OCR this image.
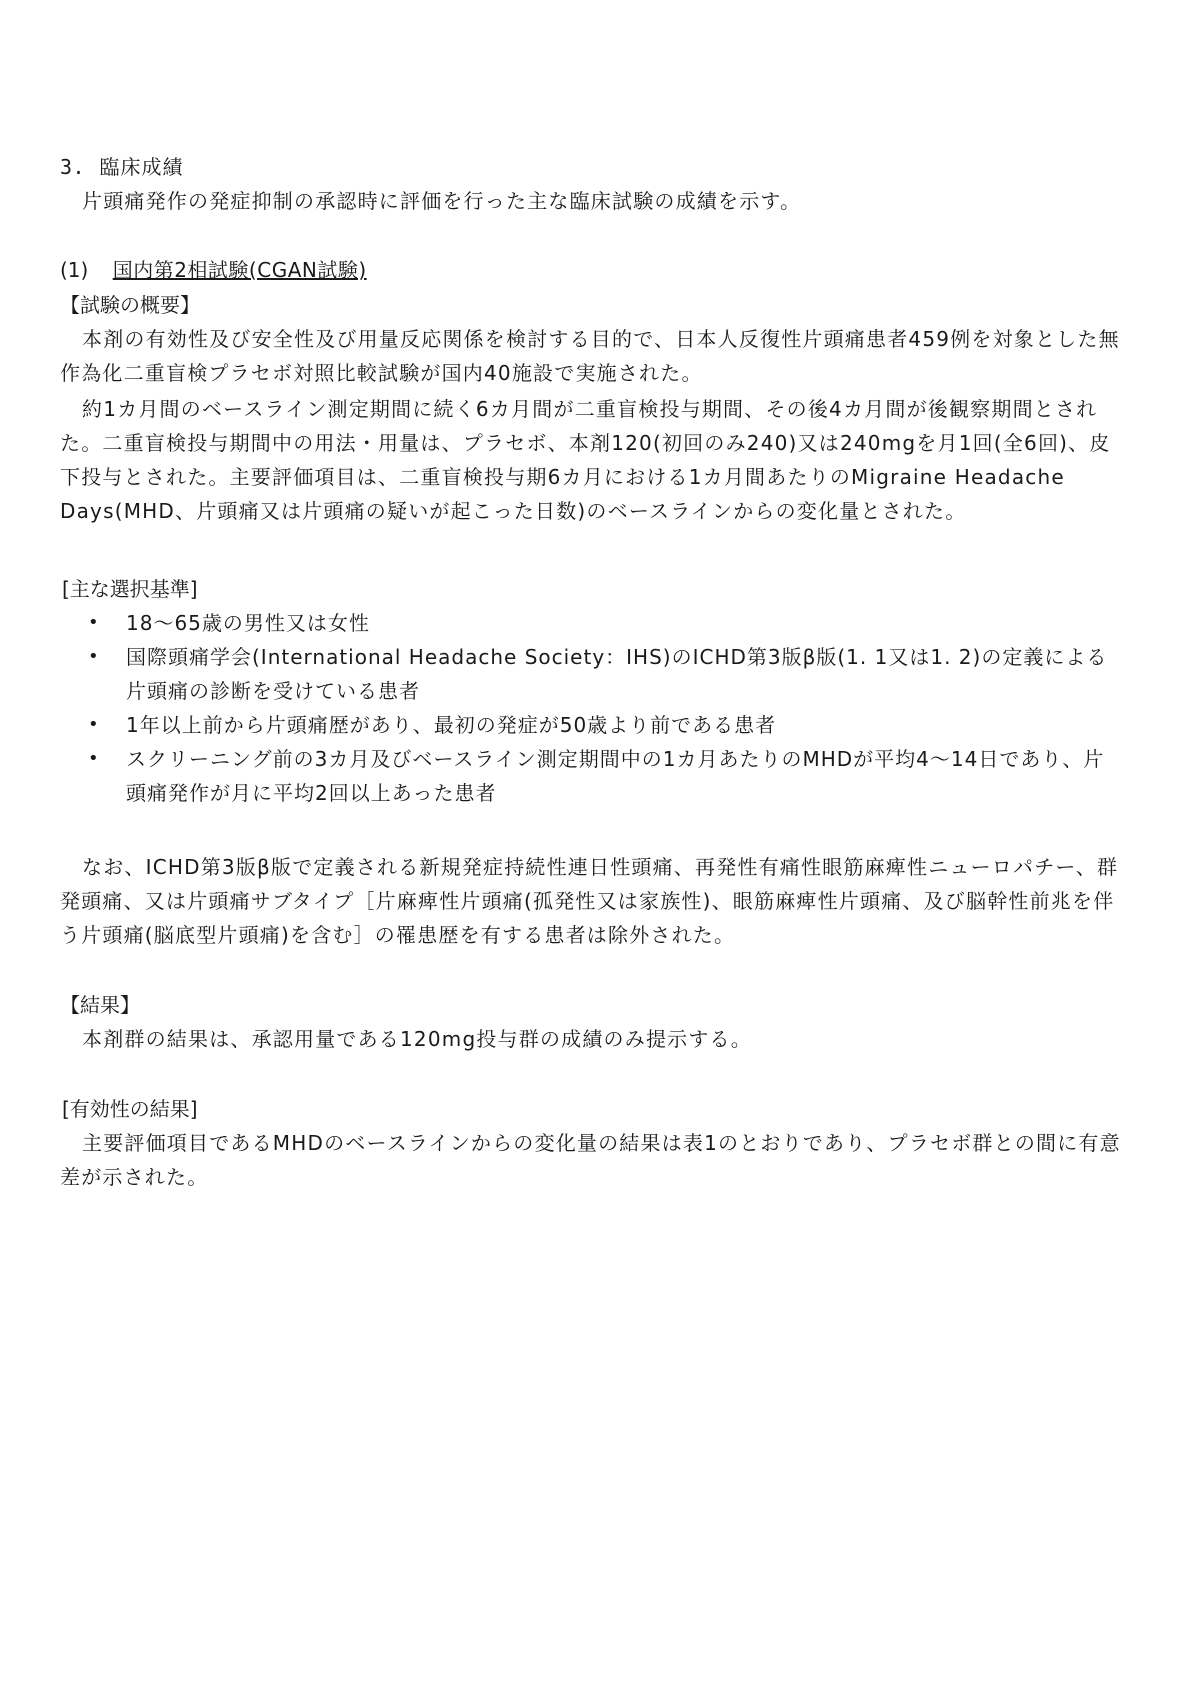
3. 臨床成績

片頭痛発作の発症抑制の承認時に評価を行った主な臨床試験の成績を示す。

(1) 国内第2相試験(CGAN試験)

【試験の概要】

本剤の有効性及び安全性及び用量反応関係を検討する目的で、日本人反復性片頭痛患者459例を対象とした無作為化二重盲検プラセボ対照比較試験が国内40施設で実施された。

約1カ月間のベースライン測定期間に続く6カ月間が二重盲検投与期間、その後4カ月間が後観察期間とされた。二重盲検投与期間中の用法・用量は、プラセボ、本剤120(初回のみ240)又は240mgを月1回(全6回)、皮下投与とされた。主要評価項目は、二重盲検投与期6カ月における1カ月間あたりのMigraine Headache Days(MHD、片頭痛又は片頭痛の疑いが起こった日数)のベースラインからの変化量とされた。

[主な選択基準]

• 18～65歳の男性又は女性
• 国際頭痛学会(International Headache Society：IHS)のICHD第3版β版(1. 1又は1. 2)の定義による片頭痛の診断を受けている患者
• 1年以上前から片頭痛歴があり、最初の発症が50歳より前である患者
• スクリーニング前の3カ月及びベースライン測定期間中の1カ月あたりのMHDが平均4～14日であり、片頭痛発作が月に平均2回以上あった患者

なお、ICHD第3版β版で定義される新規発症持続性連日性頭痛、再発性有痛性眼筋麻痺性ニューロパチー、群発頭痛、又は片頭痛サブタイプ［片麻痺性片頭痛(孤発性又は家族性)、眼筋麻痺性片頭痛、及び脳幹性前兆を伴う片頭痛(脳底型片頭痛)を含む］の罹患歴を有する患者は除外された。

【結果】

本剤群の結果は、承認用量である120mg投与群の成績のみ提示する。

[有効性の結果]

主要評価項目であるMHDのベースラインからの変化量の結果は表1のとおりであり、プラセボ群との間に有意差が示された。
